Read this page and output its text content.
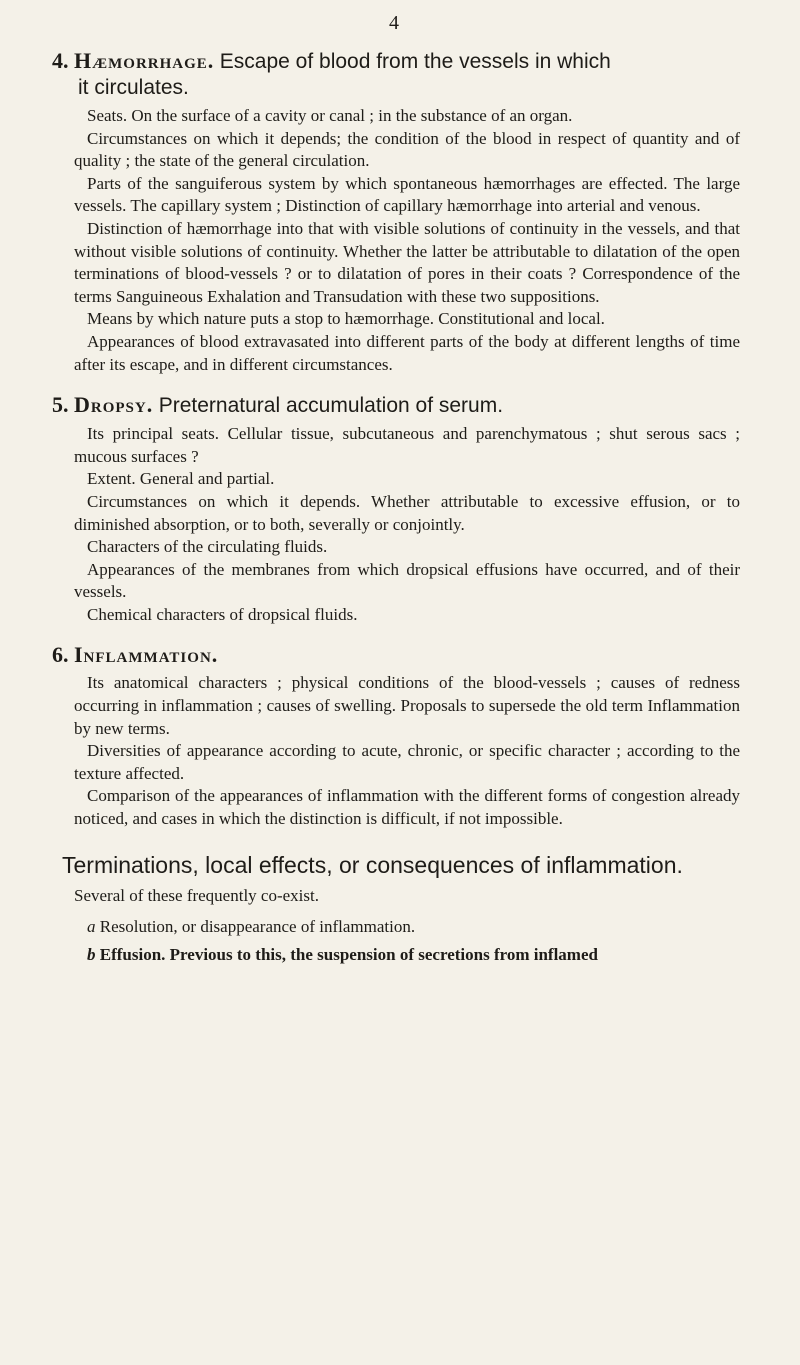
4
4. Hæmorrhage. Escape of blood from the vessels in which
it circulates.

Seats. On the surface of a cavity or canal ; in the substance of an organ.

Circumstances on which it depends; the condition of the blood in respect of quantity and of quality ; the state of the general circulation.

Parts of the sanguiferous system by which spontaneous hæmorrhages are effected. The large vessels. The capillary system ; Distinction of capillary hæmorrhage into arterial and venous.

Distinction of hæmorrhage into that with visible solutions of continuity in the vessels, and that without visible solutions of continuity. Whether the latter be attributable to dilatation of the open terminations of blood-vessels ? or to dilatation of pores in their coats ? Correspondence of the terms Sanguineous Exhalation and Transudation with these two suppositions.

Means by which nature puts a stop to hæmorrhage. Constitutional and local.

Appearances of blood extravasated into different parts of the body at different lengths of time after its escape, and in different circumstances.

5. Dropsy. Preternatural accumulation of serum.

Its principal seats. Cellular tissue, subcutaneous and parenchymatous ; shut serous sacs ; mucous surfaces ?

Extent. General and partial.

Circumstances on which it depends. Whether attributable to excessive effusion, or to diminished absorption, or to both, severally or conjointly.

Characters of the circulating fluids.

Appearances of the membranes from which dropsical effusions have occurred, and of their vessels.

Chemical characters of dropsical fluids.

6. Inflammation.

Its anatomical characters ; physical conditions of the blood-vessels ; causes of redness occurring in inflammation ; causes of swelling. Proposals to supersede the old term Inflammation by new terms.

Diversities of appearance according to acute, chronic, or specific character ; according to the texture affected.

Comparison of the appearances of inflammation with the different forms of congestion already noticed, and cases in which the distinction is difficult, if not impossible.

Terminations, local effects, or consequences of inflammation.

Several of these frequently co-exist.

a Resolution, or disappearance of inflammation.
b Effusion. Previous to this, the suspension of secretions from inflamed
